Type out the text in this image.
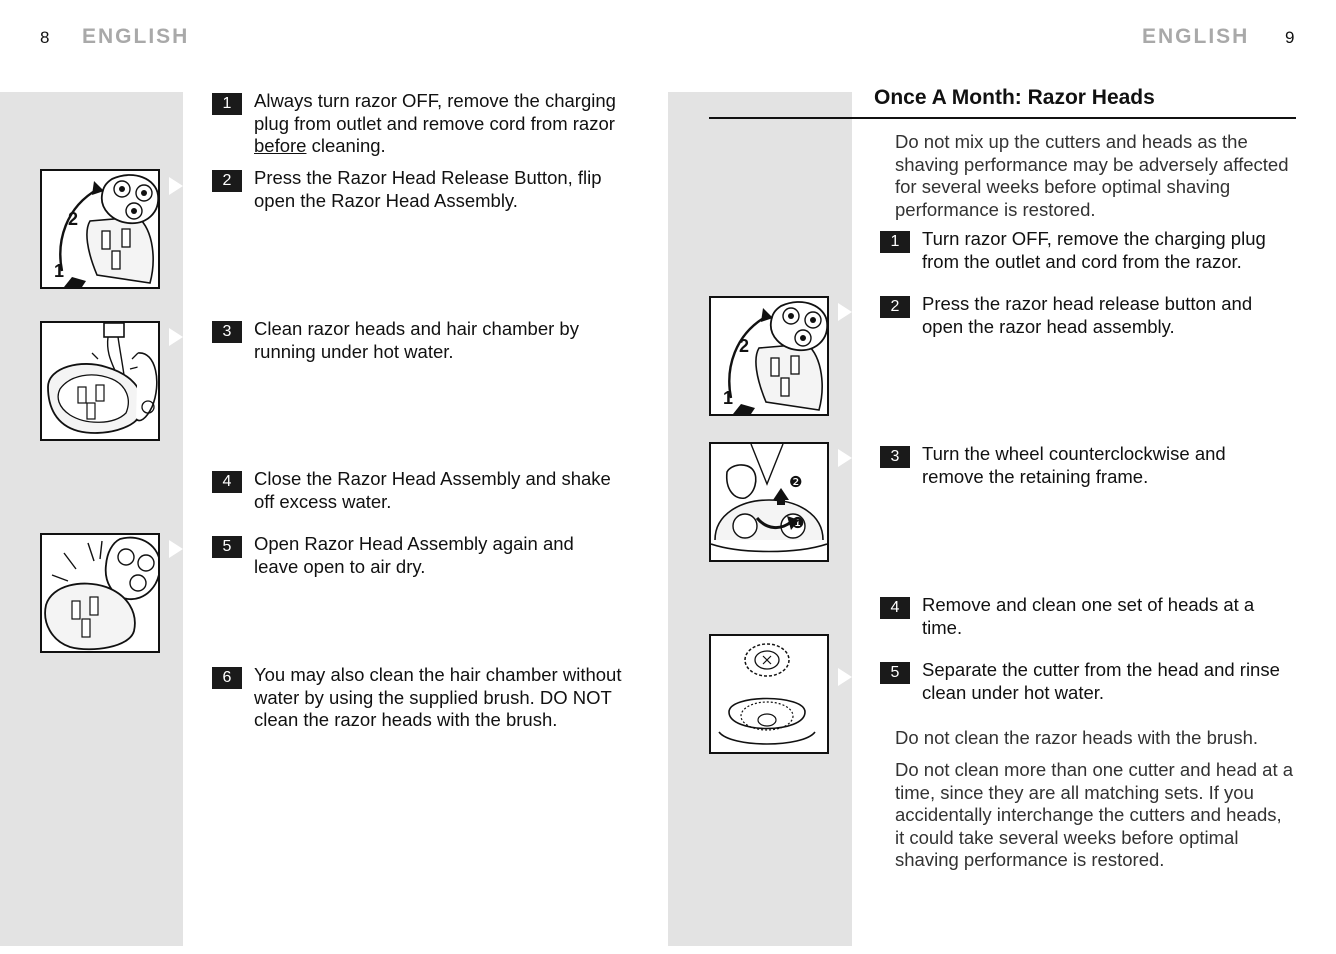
8 ENGLISH
2
1
1	Always turn razor OFF, remove the charging plug from outlet and remove cord from razor before cleaning.
2	Press the Razor Head Release Button, flip open the Razor Head Assembly.
3	Clean razor heads and hair chamber by running under hot water.
4	Close the Razor Head Assembly and shake off excess water.
5	Open Razor Head Assembly again and leave open to air dry.
6	You may also clean the hair chamber without water by using the supplied brush. DO NOT clean the razor heads with the brush.
ENGLISH 9
Once A Month: Razor Heads
Do not mix up the cutters and heads as the shaving performance may be adversely affected for several weeks before optimal shaving performance is restored.
2
1
❷
❶
1	Turn razor OFF, remove the charging plug from the outlet and cord from the razor.
2	Press the razor head release button and open the razor head assembly.
3	Turn the wheel counterclockwise and remove the retaining frame.
4	Remove and clean one set of heads at a time.
5	Separate the cutter from the head and rinse clean under hot water.
Do not clean the razor heads with the brush.
Do not clean more than one cutter and head at a time, since they are all matching sets. If you accidentally interchange the cutters and heads, it could take several weeks before optimal shaving performance is restored.
